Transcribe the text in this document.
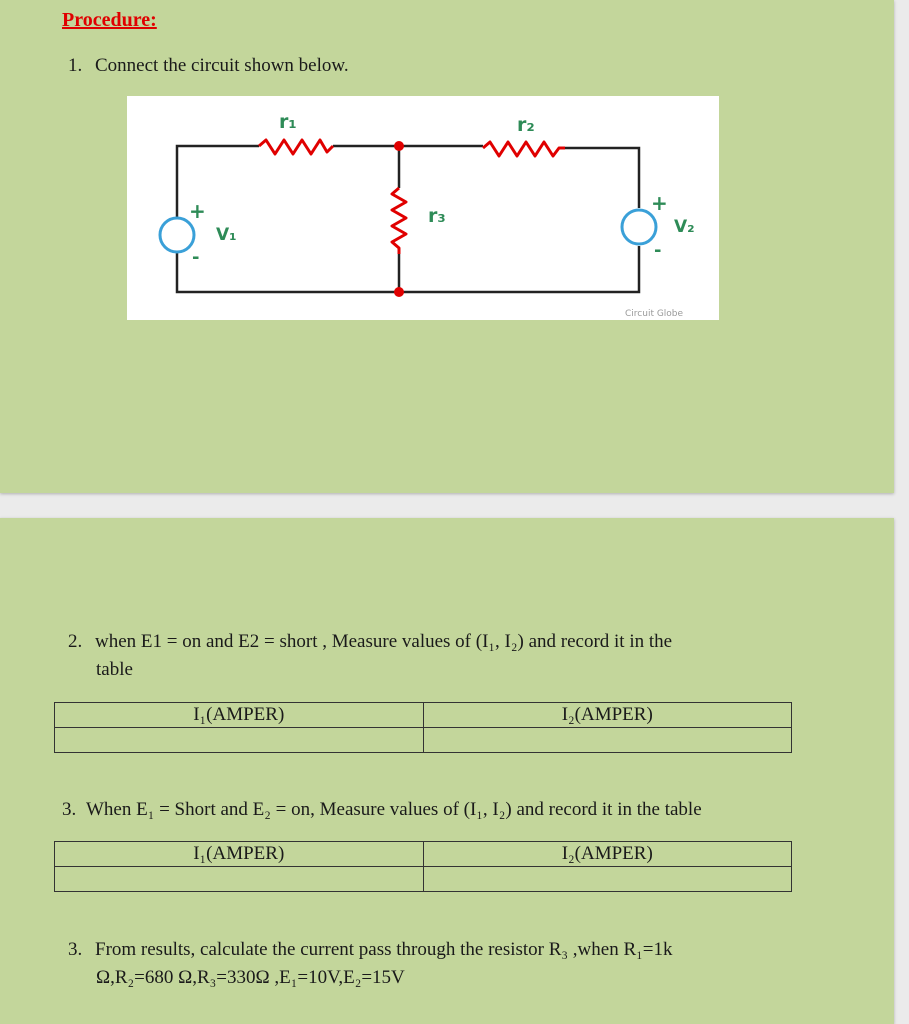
Procedure:

1. Connect the circuit shown below.

r₁	r₂
r₃
V₁	V₂
+
-
+
-
Circuit Globe

2. when E1 = on and E2 = short , Measure values of (I₁, I₂) and record it in the

table

I₁(AMPER)	I₂(AMPER)

3. When E₁ = Short and E₂ = on, Measure values of (I₁, I₂) and record it in the table

I₁(AMPER)	I₂(AMPER)

3. From results, calculate the current pass through the resistor R₃ ,when R₁=1k

Ω,R₂=680 Ω,R₃=330Ω ,E₁=10V,E₂=15V
